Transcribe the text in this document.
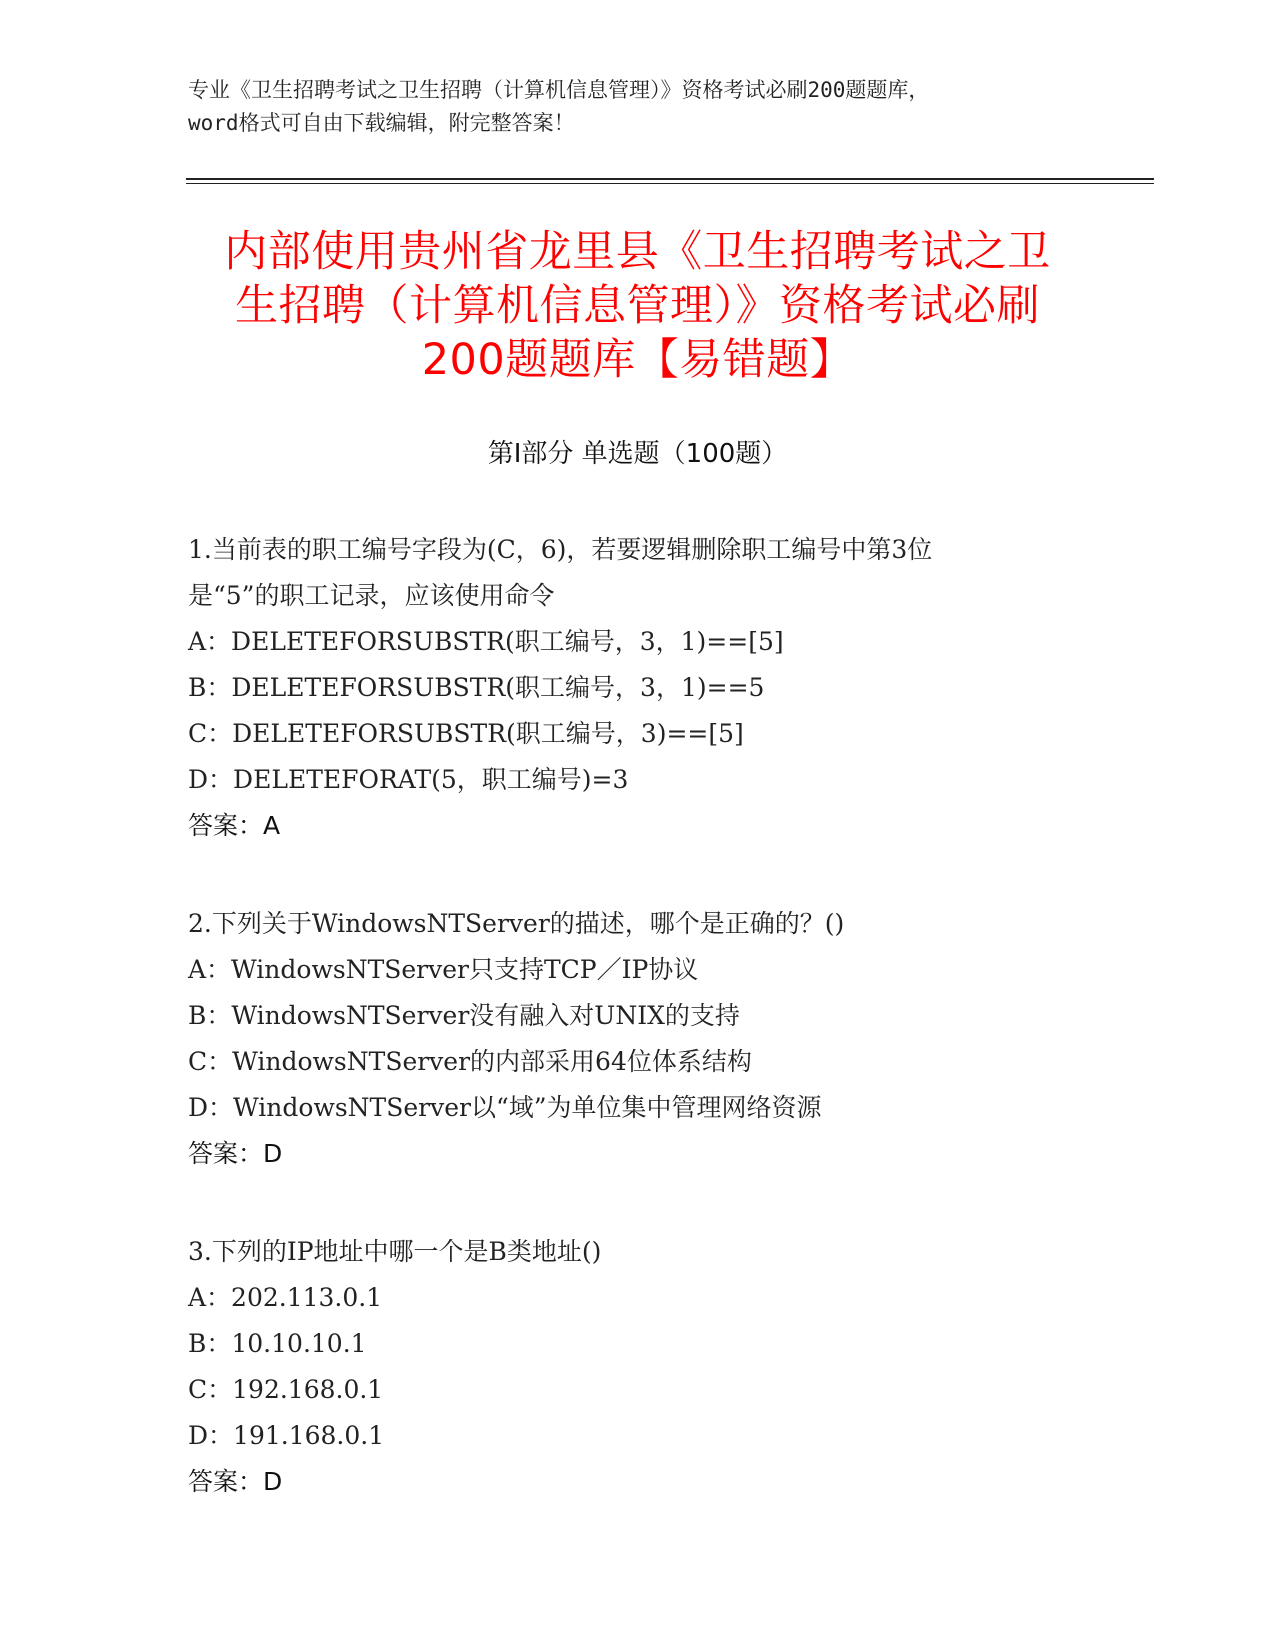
专业《卫生招聘考试之卫生招聘（计算机信息管理）》资格考试必刷200题题库，
word格式可自由下载编辑，附完整答案！
内部使用贵州省龙里县《卫生招聘考试之卫
生招聘（计算机信息管理）》资格考试必刷
200题题库【易错题】
第I部分 单选题（100题）
1.当前表的职工编号字段为(C，6)，若要逻辑删除职工编号中第3位
是“5”的职工记录，应该使用命令
A：DELETEFORSUBSTR(职工编号，3，1)==[5]
B：DELETEFORSUBSTR(职工编号，3，1)==5
C：DELETEFORSUBSTR(职工编号，3)==[5]
D：DELETEFORAT(5，职工编号)=3
答案：A
2.下列关于WindowsNTServer的描述，哪个是正确的？()
A：WindowsNTServer只支持TCP／IP协议
B：WindowsNTServer没有融入对UNIX的支持
C：WindowsNTServer的内部采用64位体系结构
D：WindowsNTServer以“域”为单位集中管理网络资源
答案：D
3.下列的IP地址中哪一个是B类地址()
A：202.113.0.1
B：10.10.10.1
C：192.168.0.1
D：191.168.0.1
答案：D
